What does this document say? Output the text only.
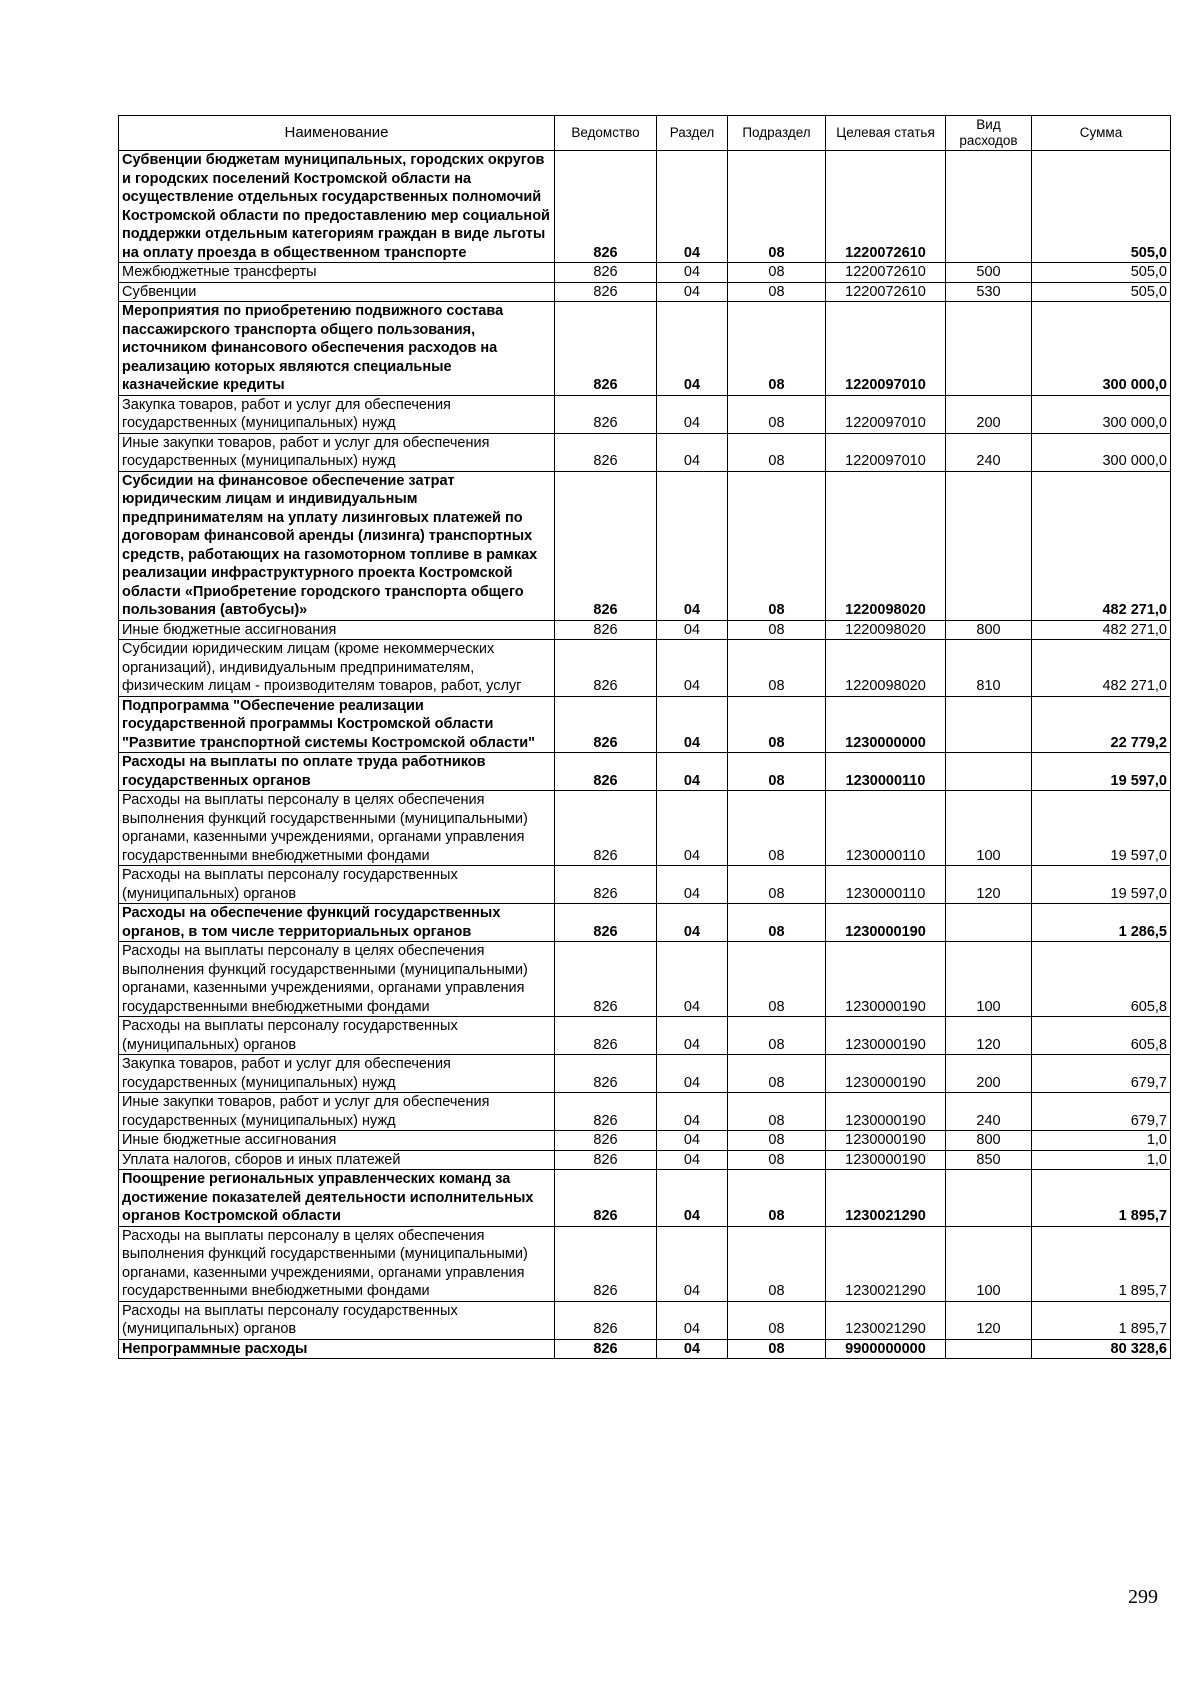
Наименование	Ведомство	Раздел	Подраздел	Целевая статья	Вид расходов	Сумма
Субвенции бюджетам муниципальных, городских округов и городских поселений Костромской области на осуществление отдельных государственных полномочий Костромской области по предоставлению мер социальной поддержки отдельным категориям граждан в виде льготы на оплату проезда в общественном транспорте	826	04	08	1220072610		505,0
Межбюджетные трансферты	826	04	08	1220072610	500	505,0
Субвенции	826	04	08	1220072610	530	505,0
Мероприятия по приобретению подвижного состава пассажирского транспорта общего пользования, источником финансового обеспечения расходов на реализацию которых являются специальные казначейские кредиты	826	04	08	1220097010		300 000,0
Закупка товаров, работ и услуг для обеспечения государственных (муниципальных) нужд	826	04	08	1220097010	200	300 000,0
Иные закупки товаров, работ и услуг для обеспечения государственных (муниципальных) нужд	826	04	08	1220097010	240	300 000,0
Субсидии на финансовое обеспечение затрат юридическим лицам и индивидуальным предпринимателям на уплату лизинговых платежей по договорам финансовой аренды (лизинга) транспортных средств, работающих на газомоторном топливе в рамках реализации инфраструктурного проекта Костромской области «Приобретение городского транспорта общего пользования (автобусы)»	826	04	08	1220098020		482 271,0
Иные бюджетные ассигнования	826	04	08	1220098020	800	482 271,0
Субсидии юридическим лицам (кроме некоммерческих организаций), индивидуальным предпринимателям, физическим лицам - производителям товаров, работ, услуг	826	04	08	1220098020	810	482 271,0
Подпрограмма "Обеспечение реализации государственной программы Костромской области "Развитие транспортной системы Костромской области"	826	04	08	1230000000		22 779,2
Расходы на выплаты по оплате труда работников государственных органов	826	04	08	1230000110		19 597,0
Расходы на выплаты персоналу в целях обеспечения выполнения функций государственными (муниципальными) органами, казенными учреждениями, органами управления государственными внебюджетными фондами	826	04	08	1230000110	100	19 597,0
Расходы на выплаты персоналу государственных (муниципальных) органов	826	04	08	1230000110	120	19 597,0
Расходы на обеспечение функций государственных органов, в том числе территориальных органов	826	04	08	1230000190		1 286,5
Расходы на выплаты персоналу в целях обеспечения выполнения функций государственными (муниципальными) органами, казенными учреждениями, органами управления государственными внебюджетными фондами	826	04	08	1230000190	100	605,8
Расходы на выплаты персоналу государственных (муниципальных) органов	826	04	08	1230000190	120	605,8
Закупка товаров, работ и услуг для обеспечения государственных (муниципальных) нужд	826	04	08	1230000190	200	679,7
Иные закупки товаров, работ и услуг для обеспечения государственных (муниципальных) нужд	826	04	08	1230000190	240	679,7
Иные бюджетные ассигнования	826	04	08	1230000190	800	1,0
Уплата налогов, сборов и иных платежей	826	04	08	1230000190	850	1,0
Поощрение региональных управленческих команд за достижение показателей деятельности исполнительных органов Костромской области	826	04	08	1230021290		1 895,7
Расходы на выплаты персоналу в целях обеспечения выполнения функций государственными (муниципальными) органами, казенными учреждениями, органами управления государственными внебюджетными фондами	826	04	08	1230021290	100	1 895,7
Расходы на выплаты персоналу государственных (муниципальных) органов	826	04	08	1230021290	120	1 895,7
Непрограммные расходы	826	04	08	9900000000		80 328,6
299
